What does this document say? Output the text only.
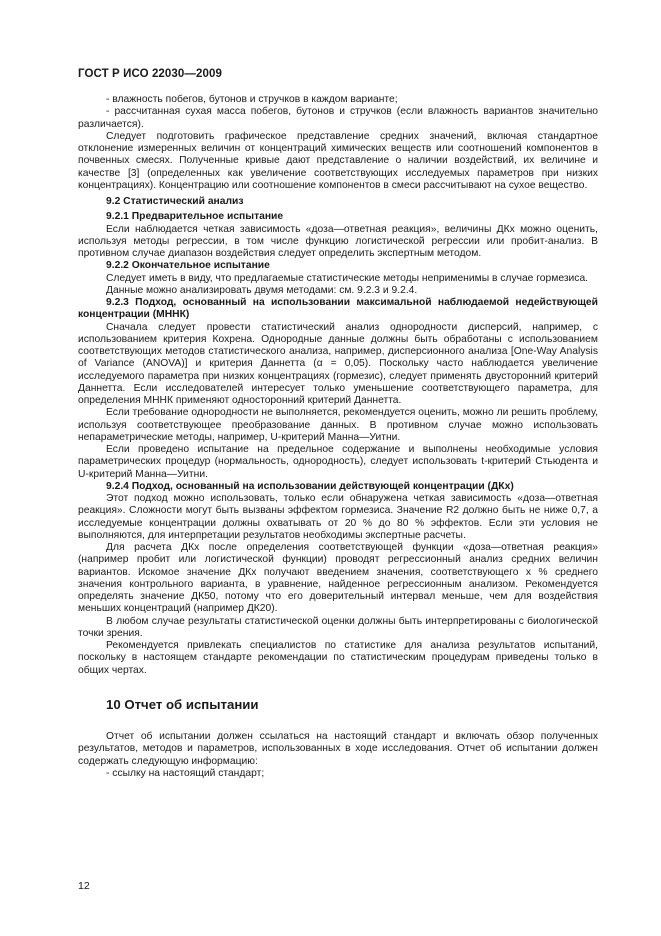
ГОСТ Р ИСО 22030—2009

- влажность побегов, бутонов и стручков в каждом варианте;

- рассчитанная сухая масса побегов, бутонов и стручков (если влажность вариантов значительно различается).

Следует подготовить графическое представление средних значений, включая стандартное отклонение измеренных величин от концентраций химических веществ или соотношений компонентов в почвенных смесях. Полученные кривые дают представление о наличии воздействий, их величине и качестве [3] (определенных как увеличение соответствующих исследуемых параметров при низких концентрациях). Концентрацию или соотношение компонентов в смеси рассчитывают на сухое вещество.

9.2 Статистический анализ

9.2.1 Предварительное испытание

Если наблюдается четкая зависимость «доза—ответная реакция», величины ДКx можно оценить, используя методы регрессии, в том числе функцию логистической регрессии или пробит-анализ. В противном случае диапазон воздействия следует определить экспертным методом.

9.2.2 Окончательное испытание

Следует иметь в виду, что предлагаемые статистические методы неприменимы в случае гормезиса.

Данные можно анализировать двумя методами: см. 9.2.3 и 9.2.4.

9.2.3 Подход, основанный на использовании максимальной наблюдаемой недействующей концентрации (МННК)

Сначала следует провести статистический анализ однородности дисперсий, например, с использованием критерия Кохрена. Однородные данные должны быть обработаны с использованием соответствующих методов статистического анализа, например, дисперсионного анализа [One-Way Analysis of Variance (ANOVA)] и критерия Даннетта (α = 0,05). Поскольку часто наблюдается увеличение исследуемого параметра при низких концентрациях (гормезис), следует применять двусторонний критерий Даннетта. Если исследователей интересует только уменьшение соответствующего параметра, для определения МННК применяют односторонний критерий Даннетта.

Если требование однородности не выполняется, рекомендуется оценить, можно ли решить проблему, используя соответствующее преобразование данных. В противном случае можно использовать непараметрические методы, например, U-критерий Манна—Уитни.

Если проведено испытание на предельное содержание и выполнены необходимые условия параметрических процедур (нормальность, однородность), следует использовать t-критерий Стьюдента и U-критерий Манна—Уитни.

9.2.4 Подход, основанный на использовании действующей концентрации (ДКx)

Этот подход можно использовать, только если обнаружена четкая зависимость «доза—ответная реакция». Сложности могут быть вызваны эффектом гормезиса. Значение R2 должно быть не ниже 0,7, а исследуемые концентрации должны охватывать от 20 % до 80 % эффектов. Если эти условия не выполняются, для интерпретации результатов необходимы экспертные расчеты.

Для расчета ДКx после определения соответствующей функции «доза—ответная реакция» (например пробит или логистической функции) проводят регрессионный анализ средних величин вариантов. Искомое значение ДКx получают введением значения, соответствующего x % среднего значения контрольного варианта, в уравнение, найденное регрессионным анализом. Рекомендуется определять значение ДК50, потому что его доверительный интервал меньше, чем для воздействия меньших концентраций (например ДК20).

В любом случае результаты статистической оценки должны быть интерпретированы с биологической точки зрения.

Рекомендуется привлекать специалистов по статистике для анализа результатов испытаний, поскольку в настоящем стандарте рекомендации по статистическим процедурам приведены только в общих чертах.

10 Отчет об испытании

Отчет об испытании должен ссылаться на настоящий стандарт и включать обзор полученных результатов, методов и параметров, использованных в ходе исследования. Отчет об испытании должен содержать следующую информацию:

- ссылку на настоящий стандарт;

12
